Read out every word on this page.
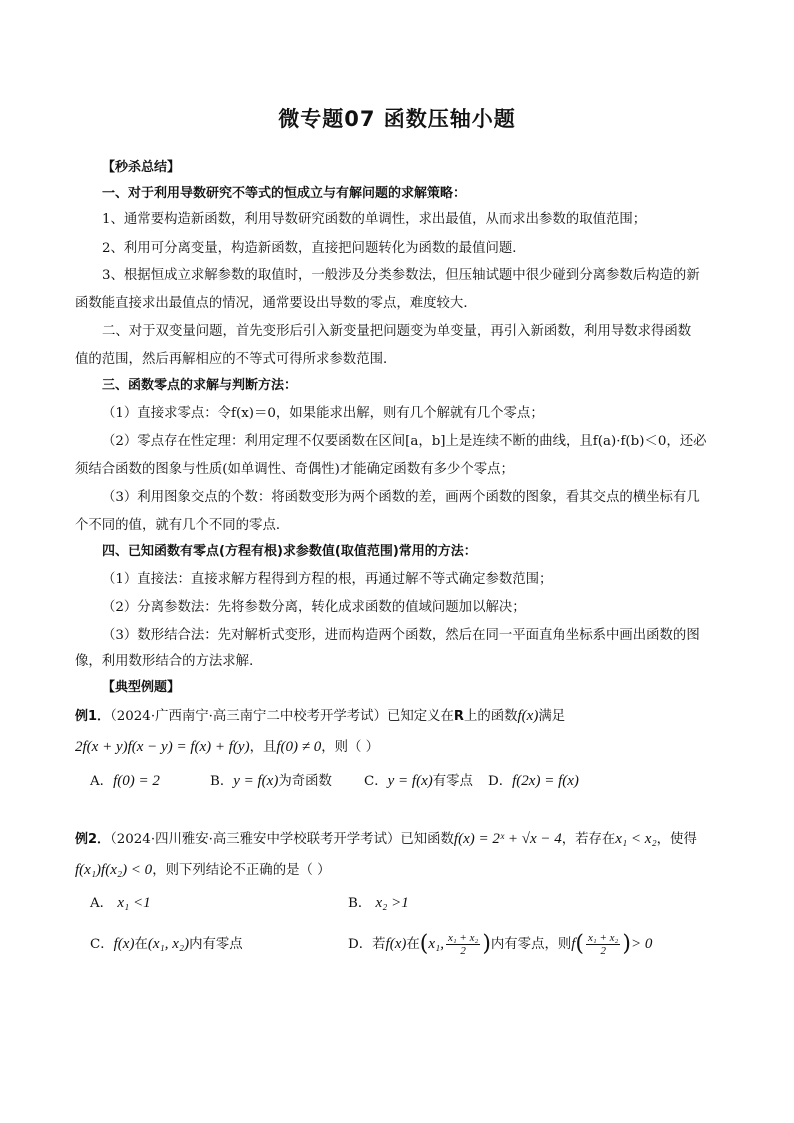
微专题07 函数压轴小题
【秒杀总结】
一、对于利用导数研究不等式的恒成立与有解问题的求解策略：
1、通常要构造新函数，利用导数研究函数的单调性，求出最值，从而求出参数的取值范围；
2、利用可分离变量，构造新函数，直接把问题转化为函数的最值问题．
3、根据恒成立求解参数的取值时，一般涉及分类参数法，但压轴试题中很少碰到分离参数后构造的新
函数能直接求出最值点的情况，通常要设出导数的零点，难度较大．
二、对于双变量问题，首先变形后引入新变量把问题变为单变量，再引入新函数，利用导数求得函数
值的范围，然后再解相应的不等式可得所求参数范围．
三、函数零点的求解与判断方法：
（1）直接求零点：令f(x)＝0，如果能求出解，则有几个解就有几个零点；
（2）零点存在性定理：利用定理不仅要函数在区间[a，b]上是连续不断的曲线，且f(a)·f(b)＜0，还必
须结合函数的图象与性质(如单调性、奇偶性)才能确定函数有多少个零点；
（3）利用图象交点的个数：将函数变形为两个函数的差，画两个函数的图象，看其交点的横坐标有几
个不同的值，就有几个不同的零点．
四、已知函数有零点(方程有根)求参数值(取值范围)常用的方法：
（1）直接法：直接求解方程得到方程的根，再通过解不等式确定参数范围；
（2）分离参数法：先将参数分离，转化成求函数的值域问题加以解决；
（3）数形结合法：先对解析式变形，进而构造两个函数，然后在同一平面直角坐标系中画出函数的图
像，利用数形结合的方法求解．
【典型例题】
例1．（2024·广西南宁·高三南宁二中校考开学考试）已知定义在R上的函数f(x)满足
2f(x + y)f(x − y) = f(x) + f(y)，且f(0) ≠ 0，则（ ）
A．f(0) = 2	B．y = f(x)为奇函数 C．y = f(x)有零点 D．f(2x) = f(x)
例2．（2024·四川雅安·高三雅安中学校联考开学考试）已知函数f(x) = 2ˣ + √x − 4，若存在x₁ < x₂，使得
f(x₁)f(x₂) < 0，则下列结论不正确的是（ ）
A． x₁ <1	B． x₂ >1
C．f(x)在(x₁, x₂)内有零点	D．若f(x)在(x₁, $\frac{\text{x₁ + x₂}}{2}$ )内有零点，则$f( \frac{\text{x₁ + x₂}}{2}$ )> 0
